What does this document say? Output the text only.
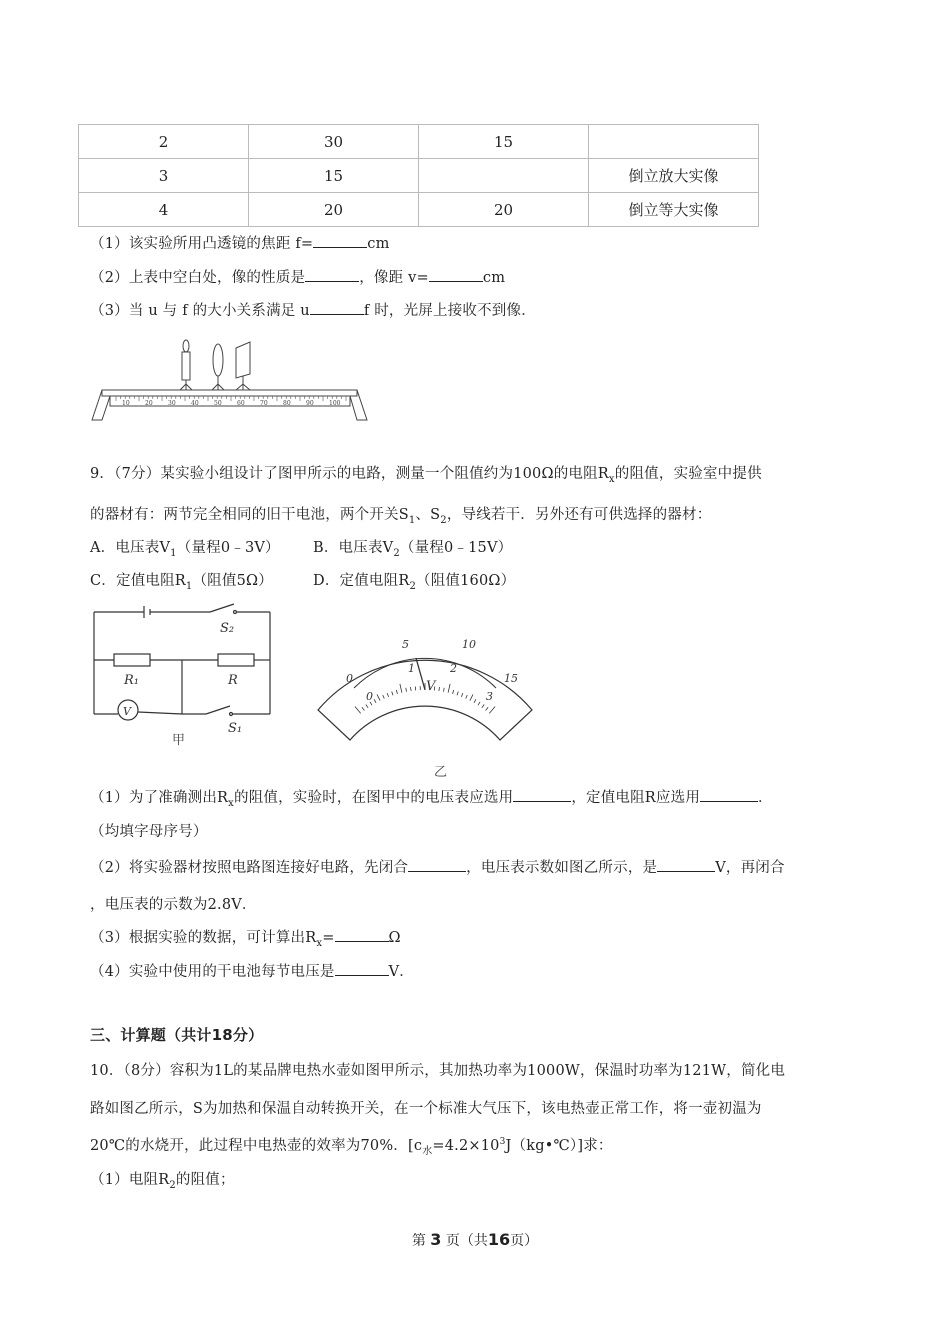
2	30	15	
3	15		倒立放大实像
4	20	20	倒立等大实像
（1）该实验所用凸透镜的焦距 f=	cm
（2）上表中空白处，像的性质是	，像距 v=	cm
（3）当 u 与 f 的大小关系满足 u	f 时，光屏上接收不到像．
10	20	30	40	50	60	70	80	90	100
9．（7分）某实验小组设计了图甲所示的电路，测量一个阻值约为100Ω的电阻$R_x$的阻值，实验室中提供
的器材有：两节完全相同的旧干电池，两个开关$S_1$、$S_2$，导线若干．另外还有可供选择的器材：
A．电压表$V_1$（量程0﹣3V） B．电压表$V_2$（量程0﹣15V）
C．定值电阻$R_1$（阻值5Ω）	D．定值电阻$R_2$（阻值160Ω）
S₂
R₁	R
V
S₁
甲
0
5	10
15
0
1	2
3
V
乙
（1）为了准确测出$R_x$的阻值，实验时，在图甲中的电压表应选用	，定值电阻R应选用	．
（均填字母序号）
（2）将实验器材按照电路图连接好电路，先闭合	，电压表示数如图乙所示，是	V，再闭合
，电压表的示数为2.8V．
（3）根据实验的数据，可计算出$R_x=$	Ω
（4）实验中使用的干电池每节电压是	V．
三、计算题（共计18分）
10．（8分）容积为1L的某品牌电热水壶如图甲所示，其加热功率为1000W，保温时功率为121W，简化电
路如图乙所示，S为加热和保温自动转换开关，在一个标准大气压下，该电热壶正常工作，将一壶初温为
20℃的水烧开，此过程中电热壶的效率为70%．$[c_水=4.2\times 10^3J(kg•℃)]$求：
（1）电阻$R_2$的阻值；
第 3 页（共16页）
